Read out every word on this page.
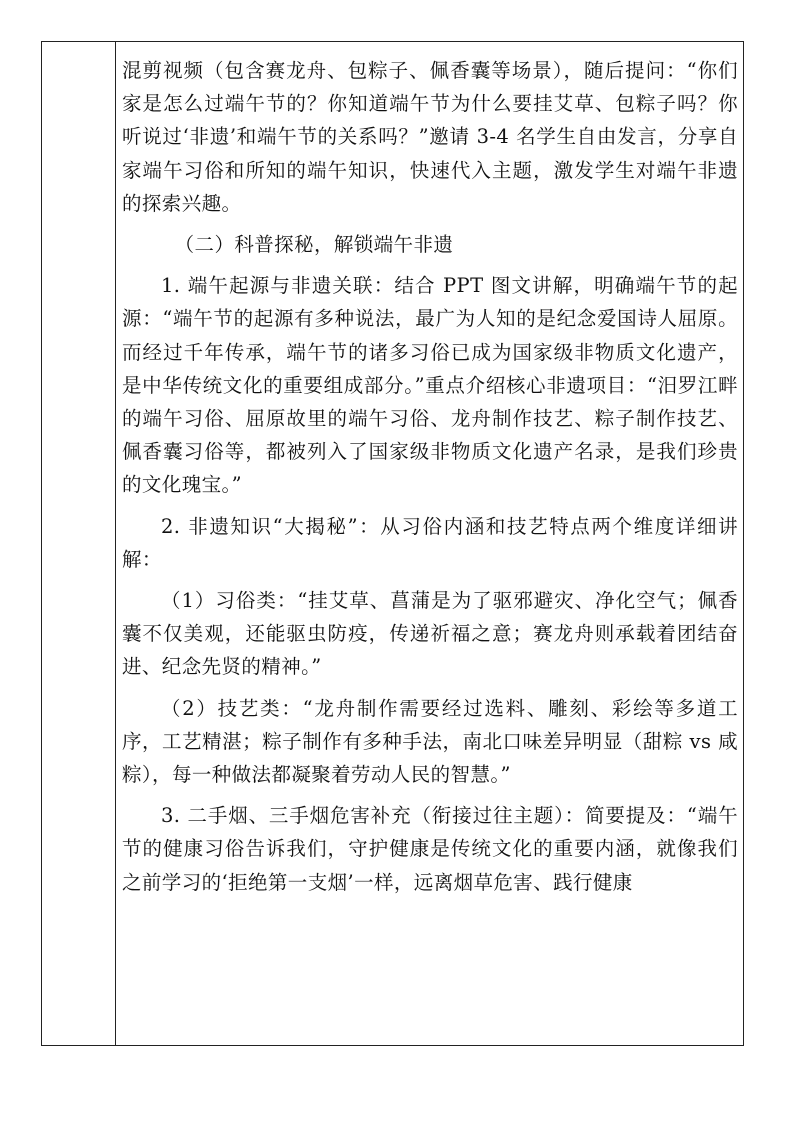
混剪视频（包含赛龙舟、包粽子、佩香囊等场景），随后提问：“你们家是怎么过端午节的？你知道端午节为什么要挂艾草、包粽子吗？你听说过‘非遗’和端午节的关系吗？”邀请 3-4 名学生自由发言，分享自家端午习俗和所知的端午知识，快速代入主题，激发学生对端午非遗的探索兴趣。

（二）科普探秘，解锁端午非遗

1. 端午起源与非遗关联：结合 PPT 图文讲解，明确端午节的起源：“端午节的起源有多种说法，最广为人知的是纪念爱国诗人屈原。而经过千年传承，端午节的诸多习俗已成为国家级非物质文化遗产，是中华传统文化的重要组成部分。”重点介绍核心非遗项目：“汨罗江畔的端午习俗、屈原故里的端午习俗、龙舟制作技艺、粽子制作技艺、佩香囊习俗等，都被列入了国家级非物质文化遗产名录，是我们珍贵的文化瑰宝。”

2. 非遗知识“大揭秘”：从习俗内涵和技艺特点两个维度详细讲解：

（1）习俗类：“挂艾草、菖蒲是为了驱邪避灾、净化空气；佩香囊不仅美观，还能驱虫防疫，传递祈福之意；赛龙舟则承载着团结奋进、纪念先贤的精神。”

（2）技艺类：“龙舟制作需要经过选料、雕刻、彩绘等多道工序，工艺精湛；粽子制作有多种手法，南北口味差异明显（甜粽 vs 咸粽），每一种做法都凝聚着劳动人民的智慧。”

3. 二手烟、三手烟危害补充（衔接过往主题）：简要提及：“端午节的健康习俗告诉我们，守护健康是传统文化的重要内涵，就像我们之前学习的‘拒绝第一支烟’一样，远离烟草危害、践行健康
